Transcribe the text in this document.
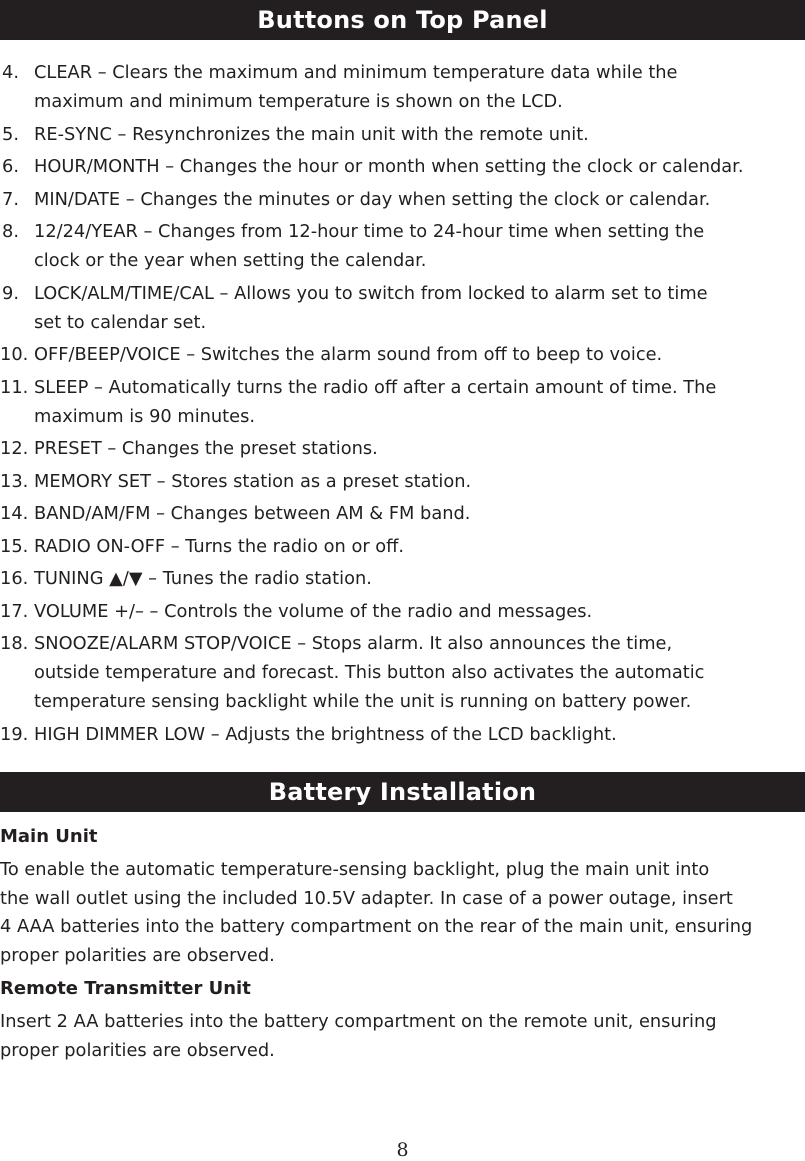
Buttons on Top Panel
4. CLEAR – Clears the maximum and minimum temperature data while the
maximum and minimum temperature is shown on the LCD.
5. RE-SYNC – Resynchronizes the main unit with the remote unit.
6. HOUR/MONTH – Changes the hour or month when setting the clock or calendar.
7. MIN/DATE – Changes the minutes or day when setting the clock or calendar.
8. 12/24/YEAR – Changes from 12-hour time to 24-hour time when setting the
clock or the year when setting the calendar.
9. LOCK/ALM/TIME/CAL – Allows you to switch from locked to alarm set to time
set to calendar set.
10. OFF/BEEP/VOICE – Switches the alarm sound from off to beep to voice.
11. SLEEP – Automatically turns the radio off after a certain amount of time. The
maximum is 90 minutes.
12. PRESET – Changes the preset stations.
13. MEMORY SET – Stores station as a preset station.
14. BAND/AM/FM – Changes between AM & FM band.
15. RADIO ON-OFF – Turns the radio on or off.
16. TUNING ▲/▼ – Tunes the radio station.
17. VOLUME +/– – Controls the volume of the radio and messages.
18. SNOOZE/ALARM STOP/VOICE – Stops alarm. It also announces the time,
outside temperature and forecast. This button also activates the automatic
temperature sensing backlight while the unit is running on battery power.
19. HIGH DIMMER LOW – Adjusts the brightness of the LCD backlight.
Battery Installation
Main Unit
To enable the automatic temperature-sensing backlight, plug the main unit into
the wall outlet using the included 10.5V adapter. In case of a power outage, insert
4 AAA batteries into the battery compartment on the rear of the main unit, ensuring
proper polarities are observed.
Remote Transmitter Unit
Insert 2 AA batteries into the battery compartment on the remote unit, ensuring
proper polarities are observed.
8
